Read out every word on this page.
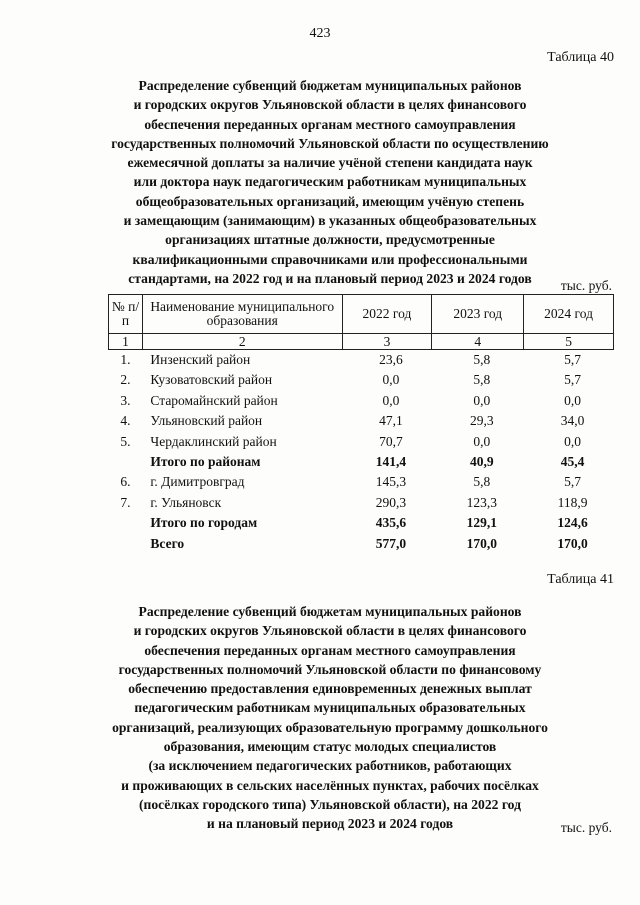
423
Таблица 40
Распределение субвенций бюджетам муниципальных районов
и городских округов Ульяновской области в целях финансового
обеспечения переданных органам местного самоуправления
государственных полномочий Ульяновской области по осуществлению
ежемесячной доплаты за наличие учёной степени кандидата наук
или доктора наук педагогическим работникам муниципальных
общеобразовательных организаций, имеющим учёную степень
и замещающим (занимающим) в указанных общеобразовательных
организациях штатные должности, предусмотренные
квалификационными справочниками или профессиональными
стандартами, на 2022 год и на плановый период 2023 и 2024 годов	тыс. руб.
№ п/п	Наименование муниципального образования	2022 год	2023 год	2024 год
1	2	3	4	5
1.	Инзенский район	23,6	5,8	5,7
2.	Кузоватовский район	0,0	5,8	5,7
3.	Старомайнский район	0,0	0,0	0,0
4.	Ульяновский район	47,1	29,3	34,0
5.	Чердаклинский район	70,7	0,0	0,0
	Итого по районам	141,4	40,9	45,4
6.	г. Димитровград	145,3	5,8	5,7
7.	г. Ульяновск	290,3	123,3	118,9
	Итого по городам	435,6	129,1	124,6
	Всего	577,0	170,0	170,0
Таблица 41
Распределение субвенций бюджетам муниципальных районов
и городских округов Ульяновской области в целях финансового
обеспечения переданных органам местного самоуправления
государственных полномочий Ульяновской области по финансовому
обеспечению предоставления единовременных денежных выплат
педагогическим работникам муниципальных образовательных
организаций, реализующих образовательную программу дошкольного
образования, имеющим статус молодых специалистов
(за исключением педагогических работников, работающих
и проживающих в сельских населённых пунктах, рабочих посёлках
(посёлках городского типа) Ульяновской области), на 2022 год
и на плановый период 2023 и 2024 годов	тыс. руб.
